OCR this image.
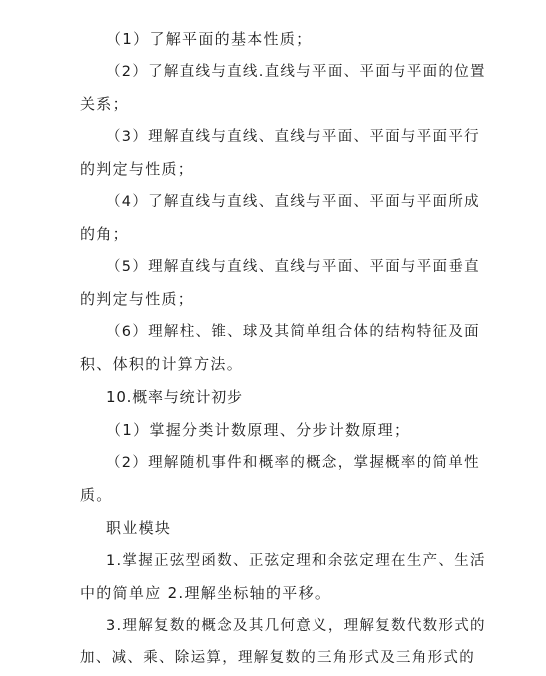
（1）了解平面的基本性质；
（2）了解直线与直线.直线与平面、平面与平面的位置
关系；
（3）理解直线与直线、直线与平面、平面与平面平行
的判定与性质；
（4）了解直线与直线、直线与平面、平面与平面所成
的角；
（5）理解直线与直线、直线与平面、平面与平面垂直
的判定与性质；
（6）理解柱、锥、球及其简单组合体的结构特征及面
积、体积的计算方法。
10.概率与统计初步
（1）掌握分类计数原理、分步计数原理；
（2）理解随机事件和概率的概念，掌握概率的简单性
质。
职业模块
1.掌握正弦型函数、正弦定理和余弦定理在生产、生活
中的简单应 2.理解坐标轴的平移。
3.理解复数的概念及其几何意义，理解复数代数形式的
加、减、乘、除运算，理解复数的三角形式及三角形式的
